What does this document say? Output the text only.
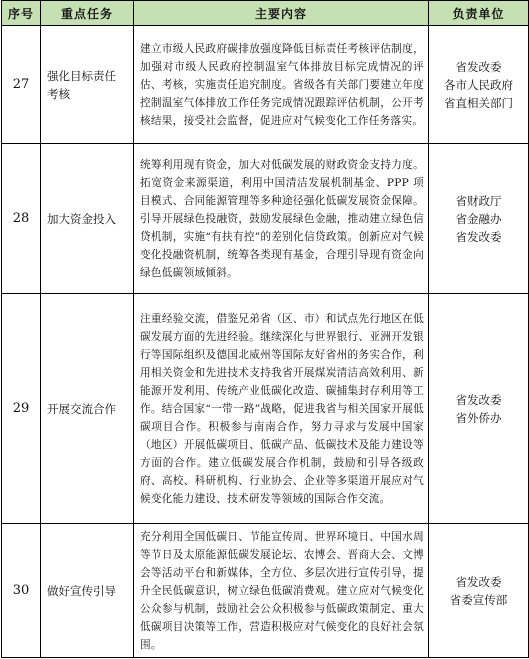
序号	重点任务	主要内容	负责单位
27	强化目标责任考核	建立市级人民政府碳排放强度降低目标责任考核评估制度，加强对市级人民政府控制温室气体排放目标完成情况的评估、考核，实施责任追究制度。省级各有关部门要建立年度控制温室气体排放工作任务完成情况跟踪评估机制，公开考核结果，接受社会监督，促进应对气候变化工作任务落实。	省发改委
各市人民政府
省直相关部门

28	加大资金投入	统筹利用现有资金，加大对低碳发展的财政资金支持力度。拓宽资金来源渠道，利用中国清洁发展机制基金、PPP 项目模式、合同能源管理等多种途径强化低碳发展资金保障。引导开展绿色投融资，鼓励发展绿色金融，推动建立绿色信贷机制，实施“有扶有控”的差别化信贷政策。创新应对气候变化投融资机制，统筹各类现有基金，合理引导现有资金向绿色低碳领域倾斜。	省财政厅
省金融办
省发改委

29	开展交流合作	注重经验交流，借鉴兄弟省（区、市）和试点先行地区在低碳发展方面的先进经验。继续深化与世界银行、亚洲开发银行等国际组织及德国北威州等国际友好省州的务实合作，利用相关资金和先进技术支持我省开展煤炭清洁高效利用、新能源开发利用、传统产业低碳化改造、碳捕集封存利用等工作。结合国家“一带一路”战略，促进我省与相关国家开展低碳项目合作。积极参与南南合作，努力寻求与发展中国家（地区）开展低碳项目、低碳产品、低碳技术及能力建设等方面的合作。建立低碳发展合作机制，鼓励和引导各级政府、高校、科研机构、行业协会、企业等多渠道开展应对气候变化能力建设、技术研发等领域的国际合作交流。	省发改委
省外侨办

30	做好宣传引导	充分利用全国低碳日、节能宣传周、世界环境日、中国水周等节日及太原能源低碳发展论坛、农博会、晋商大会、文博会等活动平台和新媒体，全方位、多层次进行宣传引导，提升全民低碳意识，树立绿色低碳消费观。建立应对气候变化公众参与机制，鼓励社会公众积极参与低碳政策制定、重大低碳项目决策等工作，营造积极应对气候变化的良好社会氛围。	省发改委
省委宣传部
